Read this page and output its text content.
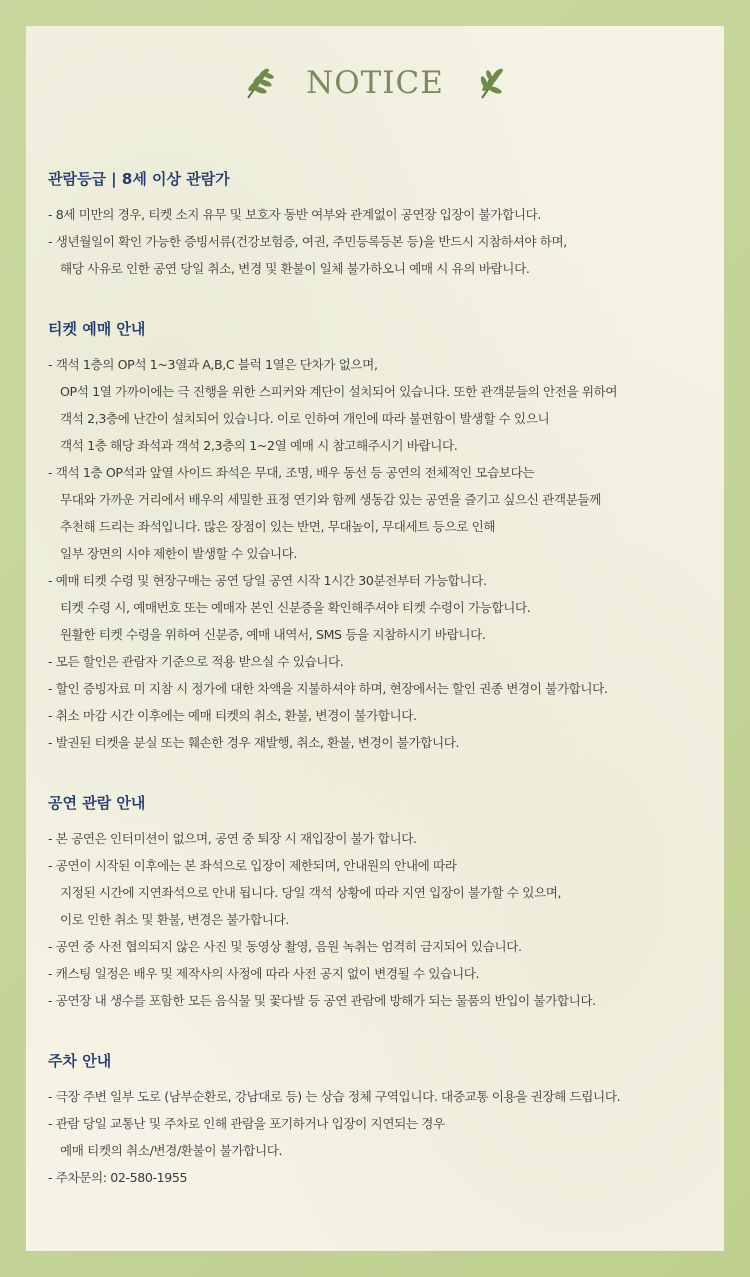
NOTICE
관람등급 | 8세 이상 관람가
- 8세 미만의 경우, 티켓 소지 유무 및 보호자 동반 여부와 관계없이 공연장 입장이 불가합니다.
- 생년월일이 확인 가능한 증빙서류(건강보험증, 여권, 주민등록등본 등)을 반드시 지참하셔야 하며,
해당 사유로 인한 공연 당일 취소, 변경 및 환불이 일체 불가하오니 예매 시 유의 바랍니다.
티켓 예매 안내
- 객석 1층의 OP석 1~3열과 A,B,C 블럭 1열은 단차가 없으며,
OP석 1열 가까이에는 극 진행을 위한 스피커와 계단이 설치되어 있습니다. 또한 관객분들의 안전을 위하여
객석 2,3층에 난간이 설치되어 있습니다. 이로 인하여 개인에 따라 불편함이 발생할 수 있으니
객석 1층 해당 좌석과 객석 2,3층의 1~2열 예매 시 참고해주시기 바랍니다.
- 객석 1층 OP석과 앞열 사이드 좌석은 무대, 조명, 배우 동선 등 공연의 전체적인 모습보다는
무대와 가까운 거리에서 배우의 세밀한 표정 연기와 함께 생동감 있는 공연을 즐기고 싶으신 관객분들께
추천해 드리는 좌석입니다. 많은 장점이 있는 반면, 무대높이, 무대세트 등으로 인해
일부 장면의 시야 제한이 발생할 수 있습니다.
- 예매 티켓 수령 및 현장구매는 공연 당일 공연 시작 1시간 30분전부터 가능합니다.
티켓 수령 시, 예매번호 또는 예매자 본인 신분증을 확인해주셔야 티켓 수령이 가능합니다.
원활한 티켓 수령을 위하여 신분증, 예매 내역서, SMS 등을 지참하시기 바랍니다.
- 모든 할인은 관람자 기준으로 적용 받으실 수 있습니다.
- 할인 증빙자료 미 지참 시 정가에 대한 차액을 지불하셔야 하며, 현장에서는 할인 권종 변경이 불가합니다.
- 취소 마감 시간 이후에는 예매 티켓의 취소, 환불, 변경이 불가합니다.
- 발권된 티켓을 분실 또는 훼손한 경우 재발행, 취소, 환불, 변경이 불가합니다.
공연 관람 안내
- 본 공연은 인터미션이 없으며, 공연 중 퇴장 시 재입장이 불가 합니다.
- 공연이 시작된 이후에는 본 좌석으로 입장이 제한되며, 안내원의 안내에 따라
지정된 시간에 지연좌석으로 안내 됩니다. 당일 객석 상황에 따라 지연 입장이 불가할 수 있으며,
이로 인한 취소 및 환불, 변경은 불가합니다.
- 공연 중 사전 협의되지 않은 사진 및 동영상 촬영, 음원 녹취는 엄격히 금지되어 있습니다.
- 캐스팅 일정은 배우 및 제작사의 사정에 따라 사전 공지 없이 변경될 수 있습니다.
- 공연장 내 생수를 포함한 모든 음식물 및 꽃다발 등 공연 관람에 방해가 되는 물품의 반입이 불가합니다.
주차 안내
- 극장 주변 일부 도로 (남부순환로, 강남대로 등) 는 상습 정체 구역입니다. 대중교통 이용을 권장해 드립니다.
- 관람 당일 교통난 및 주차로 인해 관람을 포기하거나 입장이 지연되는 경우
예매 티켓의 취소/변경/환불이 불가합니다.
- 주차문의: 02-580-1955
